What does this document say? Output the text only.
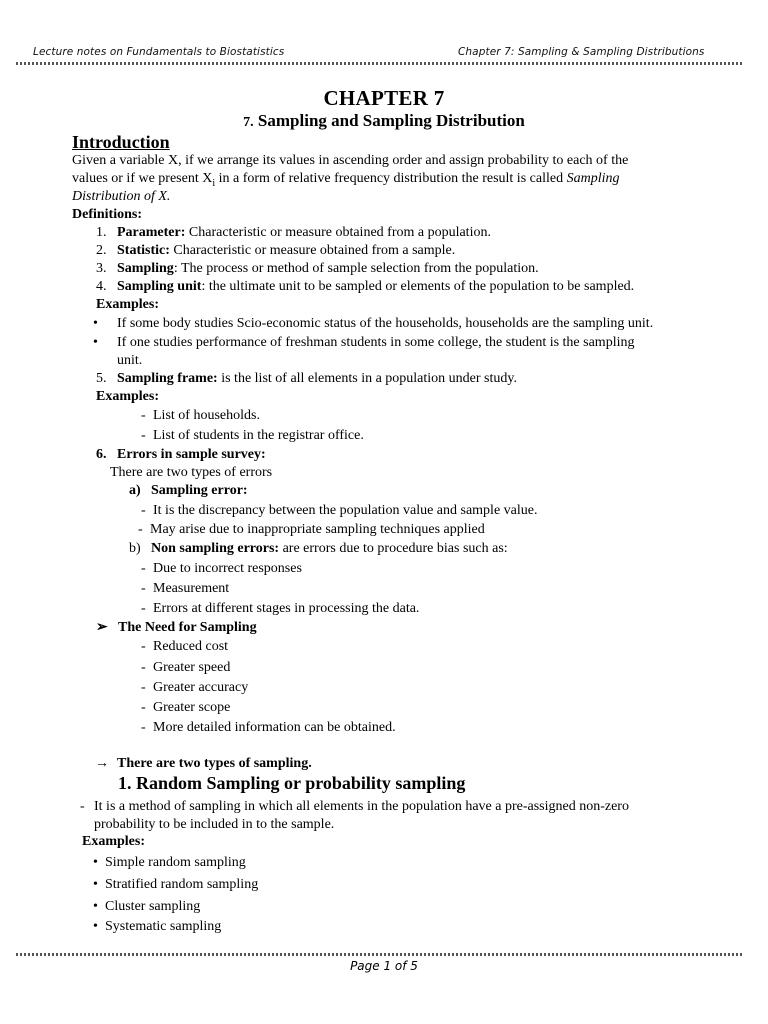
Lecture notes on Fundamentals to Biostatistics	Chapter 7: Sampling & Sampling Distributions
CHAPTER 7
7. Sampling and Sampling Distribution
Introduction
Given a variable X, if we arrange its values in ascending order and assign probability to each of the
values or if we present $X_i$ in a form of relative frequency distribution the result is called Sampling
Distribution of X.
Definitions:
1. Parameter: Characteristic or measure obtained from a population.
2. Statistic: Characteristic or measure obtained from a sample.
3. Sampling: The process or method of sample selection from the population.
4. Sampling unit: the ultimate unit to be sampled or elements of the population to be sampled.
Examples:
• If some body studies Scio-economic status of the households, households are the sampling unit.
• If one studies performance of freshman students in some college, the student is the sampling
unit.
5. Sampling frame: is the list of all elements in a population under study.
Examples:
- List of households.
- List of students in the registrar office.
6. Errors in sample survey:
There are two types of errors
a) Sampling error:
- It is the discrepancy between the population value and sample value.
- May arise due to inappropriate sampling techniques applied
b) Non sampling errors: are errors due to procedure bias such as:
- Due to incorrect responses
- Measurement
- Errors at different stages in processing the data.
➢ The Need for Sampling
- Reduced cost
- Greater speed
- Greater accuracy
- Greater scope
- More detailed information can be obtained.
→ There are two types of sampling.
1. Random Sampling or probability sampling
- It is a method of sampling in which all elements in the population have a pre-assigned non-zero
probability to be included in to the sample.
Examples:
• Simple random sampling
• Stratified random sampling
• Cluster sampling
• Systematic sampling
Page 1 of 5
